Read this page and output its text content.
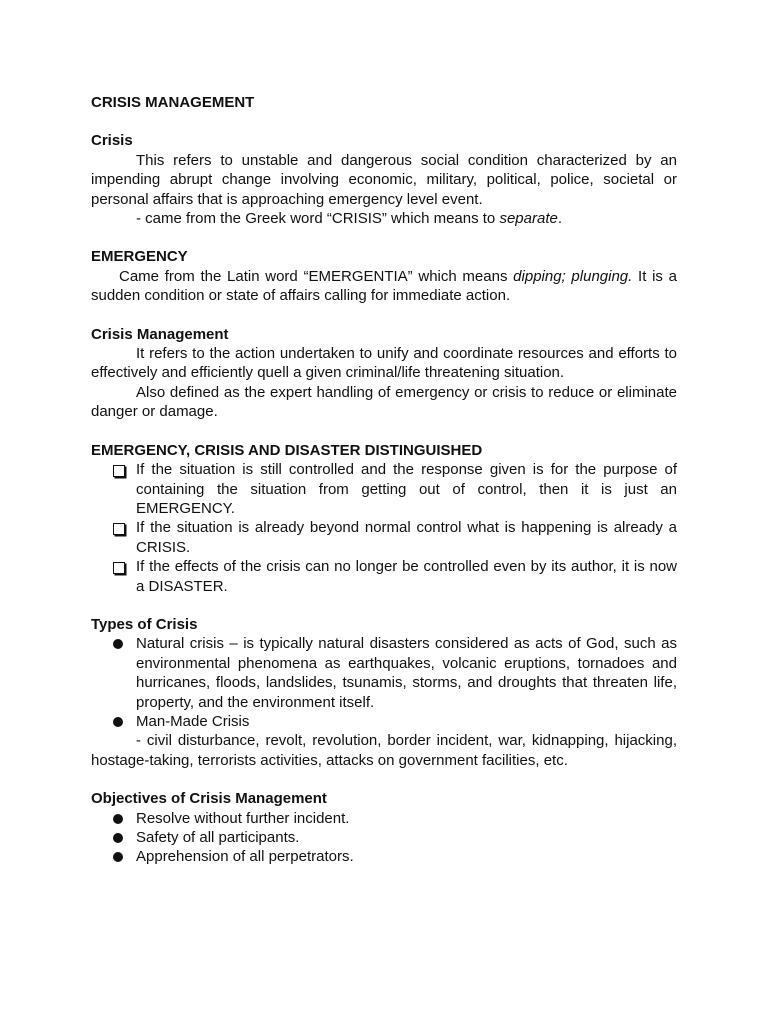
CRISIS MANAGEMENT

Crisis

This refers to unstable and dangerous social condition characterized by an impending abrupt change involving economic, military, political, police, societal or personal affairs that is approaching emergency level event.

- came from the Greek word “CRISIS” which means to separate.

EMERGENCY

Came from the Latin word “EMERGENTIA” which means dipping; plunging. It is a sudden condition or state of affairs calling for immediate action.

Crisis Management

It refers to the action undertaken to unify and coordinate resources and efforts to effectively and efficiently quell a given criminal/life threatening situation.

Also defined as the expert handling of emergency or crisis to reduce or eliminate danger or damage.

EMERGENCY, CRISIS AND DISASTER DISTINGUISHED

If the situation is still controlled and the response given is for the purpose of containing the situation from getting out of control, then it is just an EMERGENCY.
If the situation is already beyond normal control what is happening is already a CRISIS.
If the effects of the crisis can no longer be controlled even by its author, it is now a DISASTER.

Types of Crisis

Natural crisis – is typically natural disasters considered as acts of God, such as environmental phenomena as earthquakes, volcanic eruptions, tornadoes and hurricanes, floods, landslides, tsunamis, storms, and droughts that threaten life, property, and the environment itself.
Man-Made Crisis

- civil disturbance, revolt, revolution, border incident, war, kidnapping, hijacking, hostage-taking, terrorists activities, attacks on government facilities, etc.

Objectives of Crisis Management

Resolve without further incident.
Safety of all participants.
Apprehension of all perpetrators.
